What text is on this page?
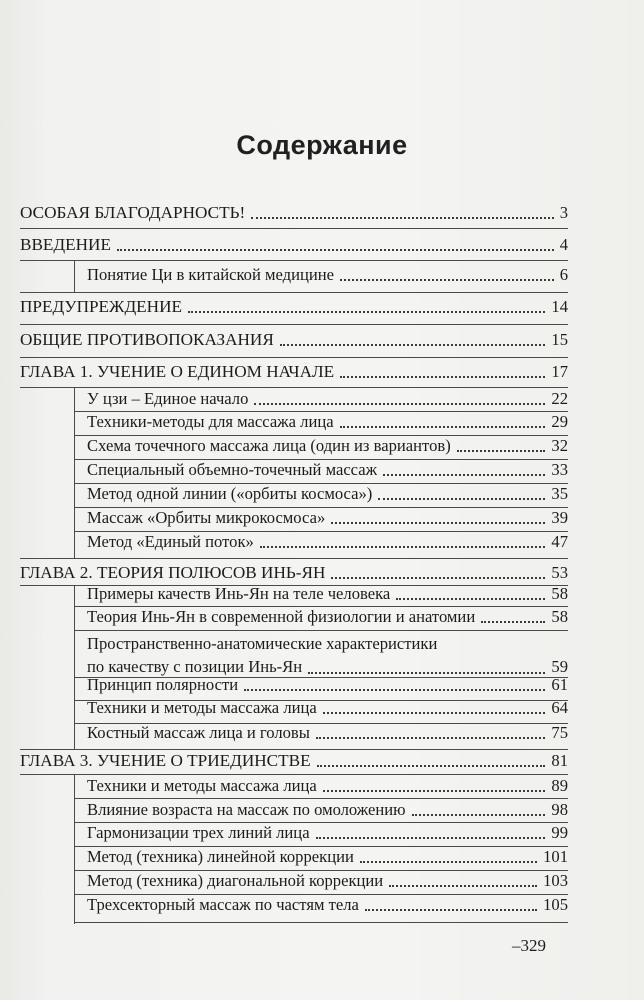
Содержание
ОСОБАЯ БЛАГОДАРНОСТЬ!	3
ВВЕДЕНИЕ	4
Понятие Ци в китайской медицине	6
ПРЕДУПРЕЖДЕНИЕ	14
ОБЩИЕ ПРОТИВОПОКАЗАНИЯ	15
ГЛАВА 1. УЧЕНИЕ О ЕДИНОМ НАЧАЛЕ	17
У цзи – Единое начало	22
Техники-методы для массажа лица	29
Схема точечного массажа лица (один из вариантов)	32
Специальный объемно-точечный массаж	33
Метод одной линии («орбиты космоса»)	35
Массаж «Орбиты микрокосмоса»	39
Метод «Единый поток»	47
ГЛАВА 2. ТЕОРИЯ ПОЛЮСОВ ИНЬ-ЯН	53
Примеры качеств Инь-Ян на теле человека	58
Теория Инь-Ян в современной физиологии и анатомии	58
Пространственно-анатомические характеристики
по качеству с позиции Инь-Ян	59
Принцип полярности	61
Техники и методы массажа лица	64
Костный массаж лица и головы	75
ГЛАВА 3. УЧЕНИЕ О ТРИЕДИНСТВЕ	81
Техники и методы массажа лица	89
Влияние возраста на массаж по омоложению	98
Гармонизации трех линий лица	99
Метод (техника) линейной коррекции	101
Метод (техника) диагональной коррекции	103
Трехсекторный массаж по частям тела	105
–329
